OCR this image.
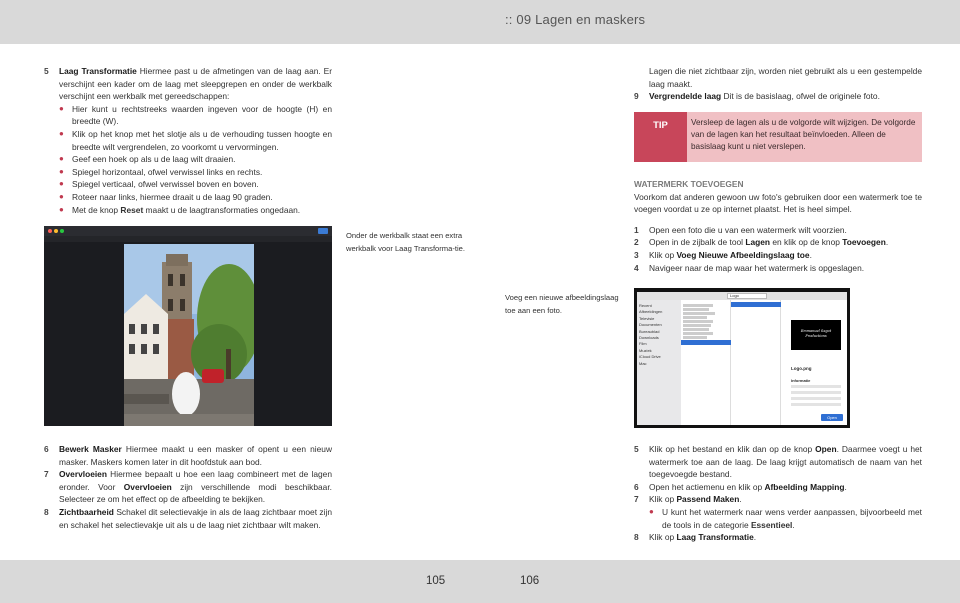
:: 09 Lagen en maskers
5	Laag Transformatie Hiermee past u de afmetingen van de laag aan. Er verschijnt een kader om de laag met sleepgrepen en onder de werkbalk verschijnt een werkbalk met gereedschappen:
● Hier kunt u rechtstreeks waarden ingeven voor de hoogte (H) en breedte (W).
● Klik op het knop met het slotje als u de verhouding tussen hoogte en breedte wilt vergrendelen, zo voorkomt u vervormingen.
● Geef een hoek op als u de laag wilt draaien.
● Spiegel horizontaal, ofwel verwissel links en rechts.
● Spiegel verticaal, ofwel verwissel boven en boven.
● Roteer naar links, hiermee draait u de laag 90 graden.
● Met de knop Reset maakt u de laagtransformaties ongedaan.
Onder de werkbalk staat een extra werkbalk voor Laag Transforma-tie.
Voeg een nieuwe afbeeldingslaag toe aan een foto.
6	Bewerk Masker Hiermee maakt u een masker of opent u een nieuw masker. Maskers komen later in dit hoofdstuk aan bod.
7	Overvloeien Hiermee bepaalt u hoe een laag combineert met de lagen eronder. Voor Overvloeien zijn verschillende modi beschikbaar. Selecteer ze om het effect op de afbeelding te bekijken.
8	Zichtbaarheid Schakel dit selectievakje in als de laag zichtbaar moet zijn en schakel het selectievakje uit als u de laag niet zichtbaar wilt maken.
Lagen die niet zichtbaar zijn, worden niet gebruikt als u een gestempelde laag maakt.
9	Vergrendelde laag Dit is de basislaag, ofwel de originele foto.
TIP	Versleep de lagen als u de volgorde wilt wijzigen. De volgorde van de lagen kan het resultaat beïnvloeden. Alleen de basislaag kunt u niet verslepen.
WATERMERK TOEVOEGEN
Voorkom dat anderen gewoon uw foto's gebruiken door een watermerk toe te voegen voordat u ze op internet plaatst. Het is heel simpel.
1	Open een foto die u van een watermerk wilt voorzien.
2	Open in de zijbalk de tool Lagen en klik op de knop Toevoegen.
3	Klik op Voeg Nieuwe Afbeeldingslaag toe.
4	Navigeer naar de map waar het watermerk is opgeslagen.
Logo
Recent
Afbeeldingen
Televisie
Documenten
Bureaublad
Downloads
Film
Muziek
iCloud Drive
Mac
Emmanuel Sagot
Productions
Logo.png
Informatie
Open
5	Klik op het bestand en klik dan op de knop Open. Daarmee voegt u het watermerk toe aan de laag. De laag krijgt automatisch de naam van het toegevoegde bestand.
6	Open het actiemenu en klik op Afbeelding Mapping.
7	Klik op Passend Maken.
● U kunt het watermerk naar wens verder aanpassen, bijvoorbeeld met de tools in de categorie Essentieel.
8	Klik op Laag Transformatie.
105	106
